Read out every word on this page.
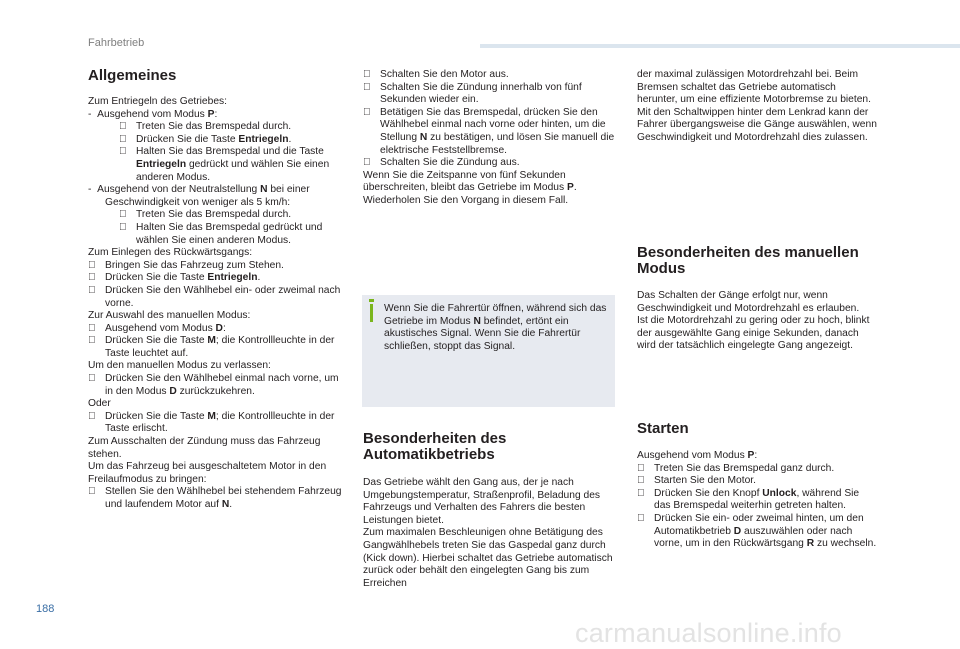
Fahrbetrieb

Allgemeines

Zum Entriegeln des Getriebes:

-  Ausgehend vom Modus P:

Treten Sie das Bremspedal durch.

Drücken Sie die Taste Entriegeln.

Halten Sie das Bremspedal und die Taste
Entriegeln gedrückt und wählen Sie einen anderen Modus.

-  Ausgehend von der Neutralstellung N bei einer Geschwindigkeit von weniger als 5 km/h:

Treten Sie das Bremspedal durch.

Halten Sie das Bremspedal gedrückt und wählen Sie einen anderen Modus.

Zum Einlegen des Rückwärtsgangs:

Bringen Sie das Fahrzeug zum Stehen.

Drücken Sie die Taste Entriegeln.

Drücken Sie den Wählhebel ein- oder zweimal nach vorne.

Zur Auswahl des manuellen Modus:

Ausgehend vom Modus D:

Drücken Sie die Taste M; die Kontrollleuchte in der Taste leuchtet auf.

Um den manuellen Modus zu verlassen:

Drücken Sie den Wählhebel einmal nach vorne, um in den Modus D zurückzukehren.

Oder

Drücken Sie die Taste M; die Kontrollleuchte in der Taste erlischt.

Zum Ausschalten der Zündung muss das Fahrzeug stehen.

Um das Fahrzeug bei ausgeschaltetem Motor in den Freilaufmodus zu bringen:

Stellen Sie den Wählhebel bei stehendem Fahrzeug und laufendem Motor auf N.

Schalten Sie den Motor aus.

Schalten Sie die Zündung innerhalb von fünf Sekunden wieder ein.

Betätigen Sie das Bremspedal, drücken Sie den Wählhebel einmal nach vorne oder hinten, um die Stellung N zu bestätigen, und lösen Sie manuell die elektrische Feststellbremse.

Schalten Sie die Zündung aus.

Wenn Sie die Zeitspanne von fünf Sekunden überschreiten, bleibt das Getriebe im Modus P. Wiederholen Sie den Vorgang in diesem Fall.

Wenn Sie die Fahrertür öffnen, während sich das Getriebe im Modus N befindet, ertönt ein akustisches Signal. Wenn Sie die Fahrertür schließen, stoppt das Signal.

Besonderheiten des Automatikbetriebs

Das Getriebe wählt den Gang aus, der je nach Umgebungstemperatur, Straßenprofil, Beladung des Fahrzeugs und Verhalten des Fahrers die besten Leistungen bietet.

Zum maximalen Beschleunigen ohne Betätigung des Gangwählhebels treten Sie das Gaspedal ganz durch (Kick down). Hierbei schaltet das Getriebe automatisch zurück oder behält den eingelegten Gang bis zum Erreichen

der maximal zulässigen Motordrehzahl bei. Beim Bremsen schaltet das Getriebe automatisch herunter, um eine effiziente Motorbremse zu bieten.

Mit den Schaltwippen hinter dem Lenkrad kann der Fahrer übergangsweise die Gänge auswählen, wenn Geschwindigkeit und Motordrehzahl dies zulassen.

Besonderheiten des manuellen Modus

Das Schalten der Gänge erfolgt nur, wenn Geschwindigkeit und Motordrehzahl es erlauben.

Ist die Motordrehzahl zu gering oder zu hoch, blinkt der ausgewählte Gang einige Sekunden, danach wird der tatsächlich eingelegte Gang angezeigt.

Starten

Ausgehend vom Modus P:

Treten Sie das Bremspedal ganz durch.

Starten Sie den Motor.

Drücken Sie den Knopf Unlock, während Sie das Bremspedal weiterhin getreten halten.

Drücken Sie ein- oder zweimal hinten, um den Automatikbetrieb D auszuwählen oder nach vorne, um in den Rückwärtsgang R zu wechseln.

188
carmanualsonline.info
